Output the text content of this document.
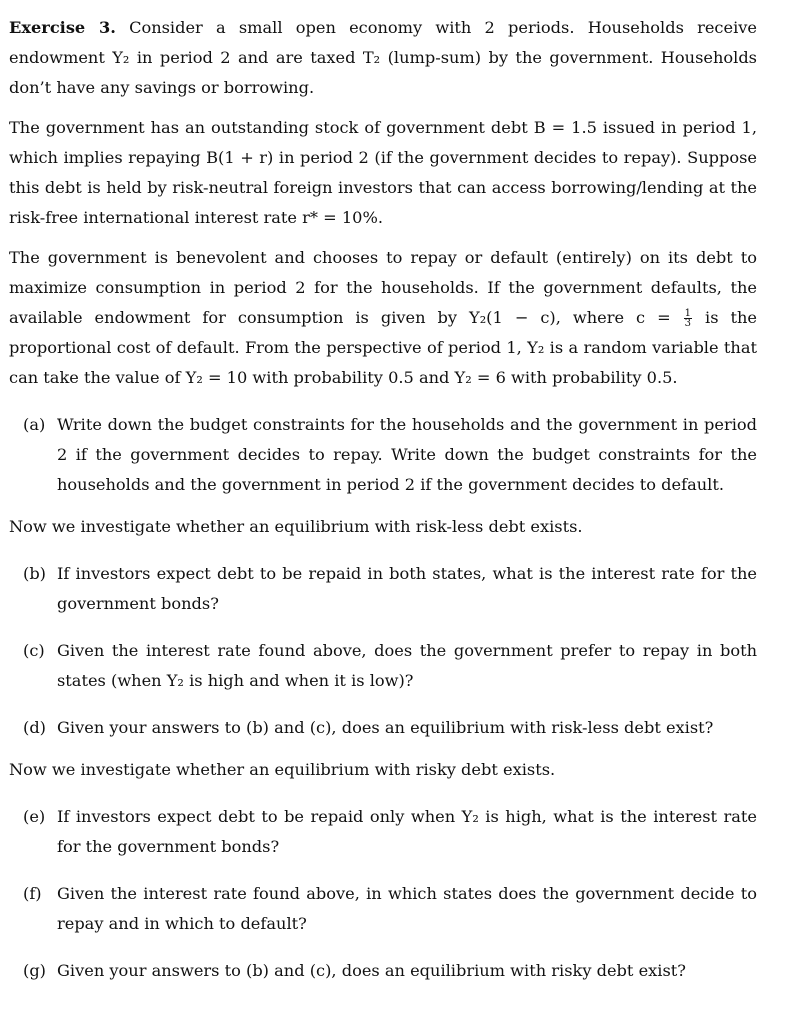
Exercise 3. Consider a small open economy with 2 periods. Households receive endowment Y₂ in period 2 and are taxed T₂ (lump-sum) by the government. Households don’t have any savings or borrowing.

The government has an outstanding stock of government debt B = 1.5 issued in period 1, which implies repaying B(1 + r) in period 2 (if the government decides to repay). Suppose this debt is held by risk-neutral foreign investors that can access borrowing/lending at the risk-free international interest rate r* = 10%.

The government is benevolent and chooses to repay or default (entirely) on its debt to maximize consumption in period 2 for the households. If the government defaults, the available endowment for consumption is given by Y₂(1 − c), where $c = \frac{1}{3}$ is the proportional cost of default. From the perspective of period 1, Y₂ is a random variable that can take the value of Y₂ = 10 with probability 0.5 and Y₂ = 6 with probability 0.5.

(a) Write down the budget constraints for the households and the government in period 2 if the government decides to repay. Write down the budget constraints for the households and the government in period 2 if the government decides to default.

Now we investigate whether an equilibrium with risk-less debt exists.

(b) If investors expect debt to be repaid in both states, what is the interest rate for the government bonds?
(c) Given the interest rate found above, does the government prefer to repay in both states (when Y₂ is high and when it is low)?
(d) Given your answers to (b) and (c), does an equilibrium with risk-less debt exist?

Now we investigate whether an equilibrium with risky debt exists.

(e) If investors expect debt to be repaid only when Y₂ is high, what is the interest rate for the government bonds?
(f) Given the interest rate found above, in which states does the government decide to repay and in which to default?
(g) Given your answers to (b) and (c), does an equilibrium with risky debt exist?
